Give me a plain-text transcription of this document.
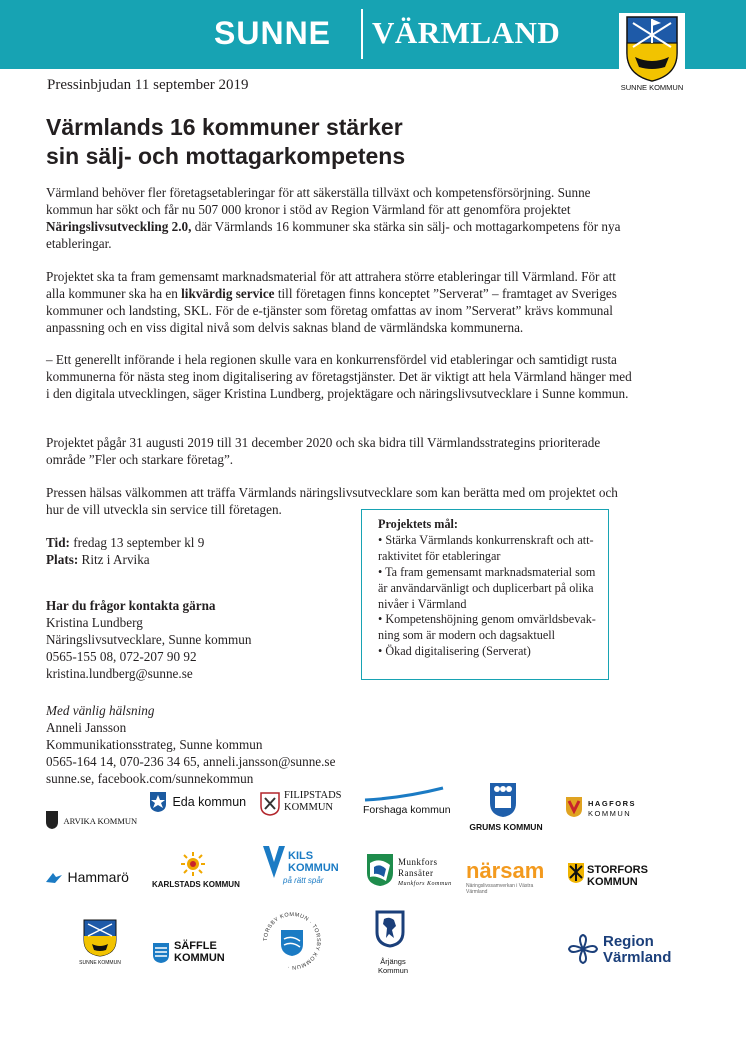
SUNNE VÄRMLAND
SUNNE KOMMUN
Pressinbjudan 11 september 2019
Värmlands 16 kommuner stärker
sin sälj- och mottagarkompetens

Värmland behöver fler företagsetableringar för att säkerställa tillväxt och kompetensförsörjning. Sunne kommun har sökt och får nu 507 000 kronor i stöd av Region Värmland för att genomföra projektet Näringslivsutveckling 2.0, där Värmlands 16 kommuner ska stärka sin sälj- och mottagarkompetens för nya etableringar.

Projektet ska ta fram gemensamt marknadsmaterial för att attrahera större etableringar till Värmland. För att alla kommuner ska ha en likvärdig service till företagen finns konceptet ”Serverat” – framtaget av Sveriges kommuner och landsting, SKL. För de e-tjänster som företag omfattas av inom ”Serverat” krävs kommunal anpassning och en viss digital nivå som delvis saknas bland de värmländska kommunerna.

– Ett generellt införande i hela regionen skulle vara en konkurrensfördel vid etableringar och samtidigt rusta kommunerna för nästa steg inom digitalisering av företagstjänster. Det är viktigt att hela Värmland hänger med i den digitala utvecklingen, säger Kristina Lundberg, projektägare och näringslivsutvecklare i Sunne kommun.

Projektet pågår 31 augusti 2019 till 31 december 2020 och ska bidra till Värmlandsstrategins prioriterade område ”Fler och starkare företag”.

Pressen hälsas välkommen att träffa Värmlands näringslivsutvecklare som kan berätta med om projektet och hur de vill utveckla sin service till företagen.

Tid: fredag 13 september kl 9
Plats: Ritz i Arvika
Har du frågor kontakta gärna
Kristina Lundberg
Näringslivsutvecklare, Sunne kommun
0565-155 08, 072-207 90 92
kristina.lundberg@sunne.se
Projektets mål:
• Stärka Värmlands konkurrenskraft och att-
raktivitet för etableringar
• Ta fram gemensamt marknadsmaterial som
är användarvänligt och duplicerbart på olika
nivåer i Värmland
• Kompetenshöjning genom omvärldsbevak-
ning som är modern och dagsaktuell
• Ökad digitalisering (Serverat)
Med vänlig hälsning
Anneli Jansson
Kommunikationsstrateg, Sunne kommun
0565-164 14, 070-236 34 65, anneli.jansson@sunne.se
sunne.se, facebook.com/sunnekommun
ARVIKA KOMMUN
Eda kommun	FILIPSTADS
KOMMUN	Forshaga kommun
GRUMS KOMMUN
HAGFORS
KOMMUN
Hammarö	KARLSTADS KOMMUN
KILS
KOMMUN
på rätt spår
Munkfors
Ransäter
Munkfors Kommun
närsam
Näringslivssamverkan i Västra Värmland
STORFORS
KOMMUN
SUNNE KOMMUN
SÄFFLE
KOMMUN
TORSBY KOMMUN · TORSBY KOMMUN ·
Årjängs Kommun
Region
Värmland
